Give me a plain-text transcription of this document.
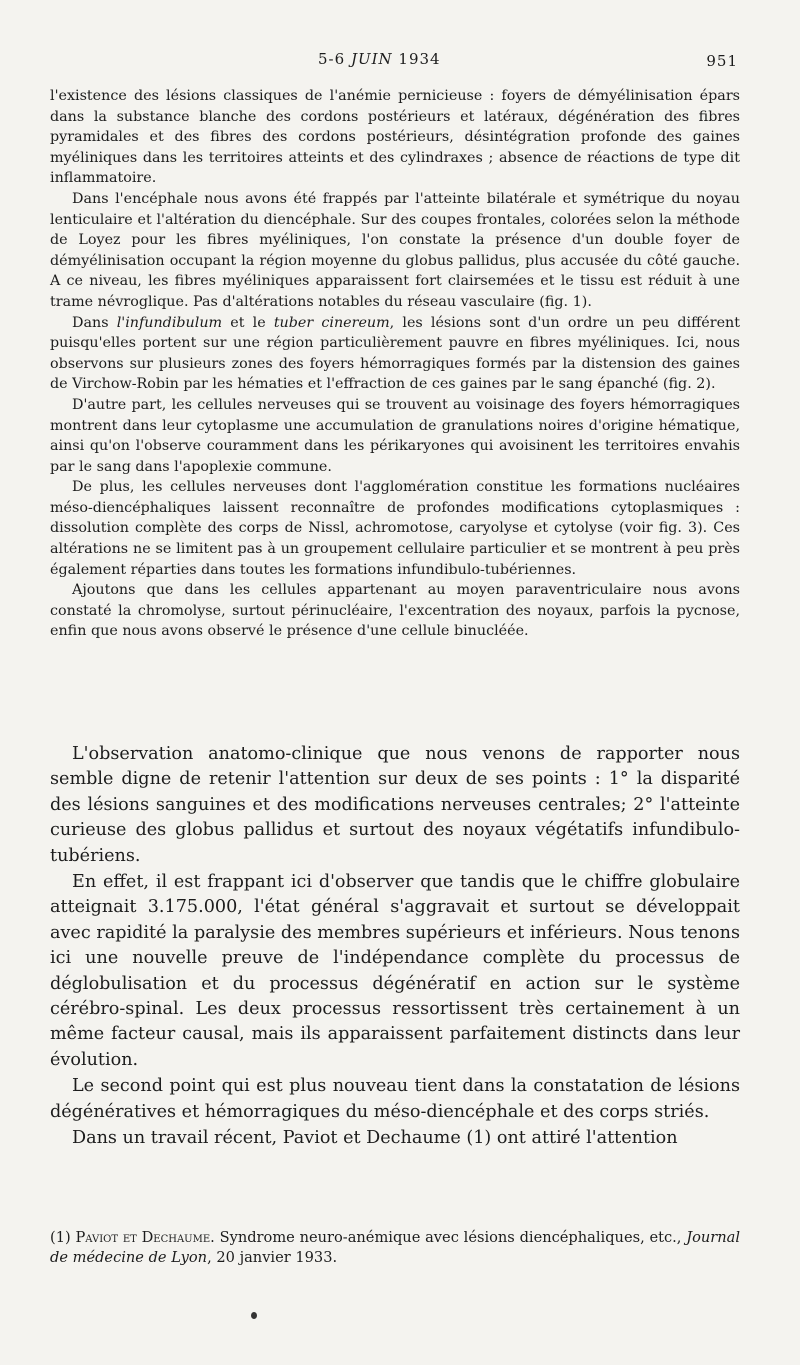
5-6 JUIN 1934	951

l'existence des lésions classiques de l'anémie pernicieuse : foyers de démyélinisation épars dans la substance blanche des cordons postérieurs et latéraux, dégénération des fibres pyramidales et des fibres des cordons postérieurs, désintégration profonde des gaines myéliniques dans les territoires atteints et des cylindraxes ; absence de réactions de type dit inflammatoire.

Dans l'encéphale nous avons été frappés par l'atteinte bilatérale et symétrique du noyau lenticulaire et l'altération du diencéphale. Sur des coupes frontales, colorées selon la méthode de Loyez pour les fibres myéliniques, l'on constate la présence d'un double foyer de démyélinisation occupant la région moyenne du globus pallidus, plus accusée du côté gauche. A ce niveau, les fibres myéliniques apparaissent fort clairsemées et le tissu est réduit à une trame névroglique. Pas d'altérations notables du réseau vasculaire (fig. 1).

Dans l'infundibulum et le tuber cinereum, les lésions sont d'un ordre un peu différent puisqu'elles portent sur une région particulièrement pauvre en fibres myéliniques. Ici, nous observons sur plusieurs zones des foyers hémorragiques formés par la distension des gaines de Virchow-Robin par les hématies et l'effraction de ces gaines par le sang épanché (fig. 2).

D'autre part, les cellules nerveuses qui se trouvent au voisinage des foyers hémorragiques montrent dans leur cytoplasme une accumulation de granulations noires d'origine hématique, ainsi qu'on l'observe couramment dans les périkaryones qui avoisinent les territoires envahis par le sang dans l'apoplexie commune.

De plus, les cellules nerveuses dont l'agglomération constitue les formations nucléaires méso-diencéphaliques laissent reconnaître de profondes modifications cytoplasmiques : dissolution complète des corps de Nissl, achromotose, caryolyse et cytolyse (voir fig. 3). Ces altérations ne se limitent pas à un groupement cellulaire particulier et se montrent à peu près également réparties dans toutes les formations infundibulo-tubériennes.

Ajoutons que dans les cellules appartenant au moyen paraventriculaire nous avons constaté la chromolyse, surtout périnucléaire, l'excentration des noyaux, parfois la pycnose, enfin que nous avons observé le présence d'une cellule binucléée.

L'observation anatomo-clinique que nous venons de rapporter nous semble digne de retenir l'attention sur deux de ses points : 1° la disparité des lésions sanguines et des modifications nerveuses centrales; 2° l'atteinte curieuse des globus pallidus et surtout des noyaux végétatifs infundibulo-tubériens.

En effet, il est frappant ici d'observer que tandis que le chiffre globulaire atteignait 3.175.000, l'état général s'aggravait et surtout se développait avec rapidité la paralysie des membres supérieurs et inférieurs. Nous tenons ici une nouvelle preuve de l'indépendance complète du processus de déglobulisation et du processus dégénératif en action sur le système cérébro-spinal. Les deux processus ressortissent très certainement à un même facteur causal, mais ils apparaissent parfaitement distincts dans leur évolution.

Le second point qui est plus nouveau tient dans la constatation de lésions dégénératives et hémorragiques du méso-diencéphale et des corps striés.

Dans un travail récent, Paviot et Dechaume (1) ont attiré l'attention

(1) Paviot et Dechaume. Syndrome neuro-anémique avec lésions diencéphaliques, etc., Journal de médecine de Lyon, 20 janvier 1933.
